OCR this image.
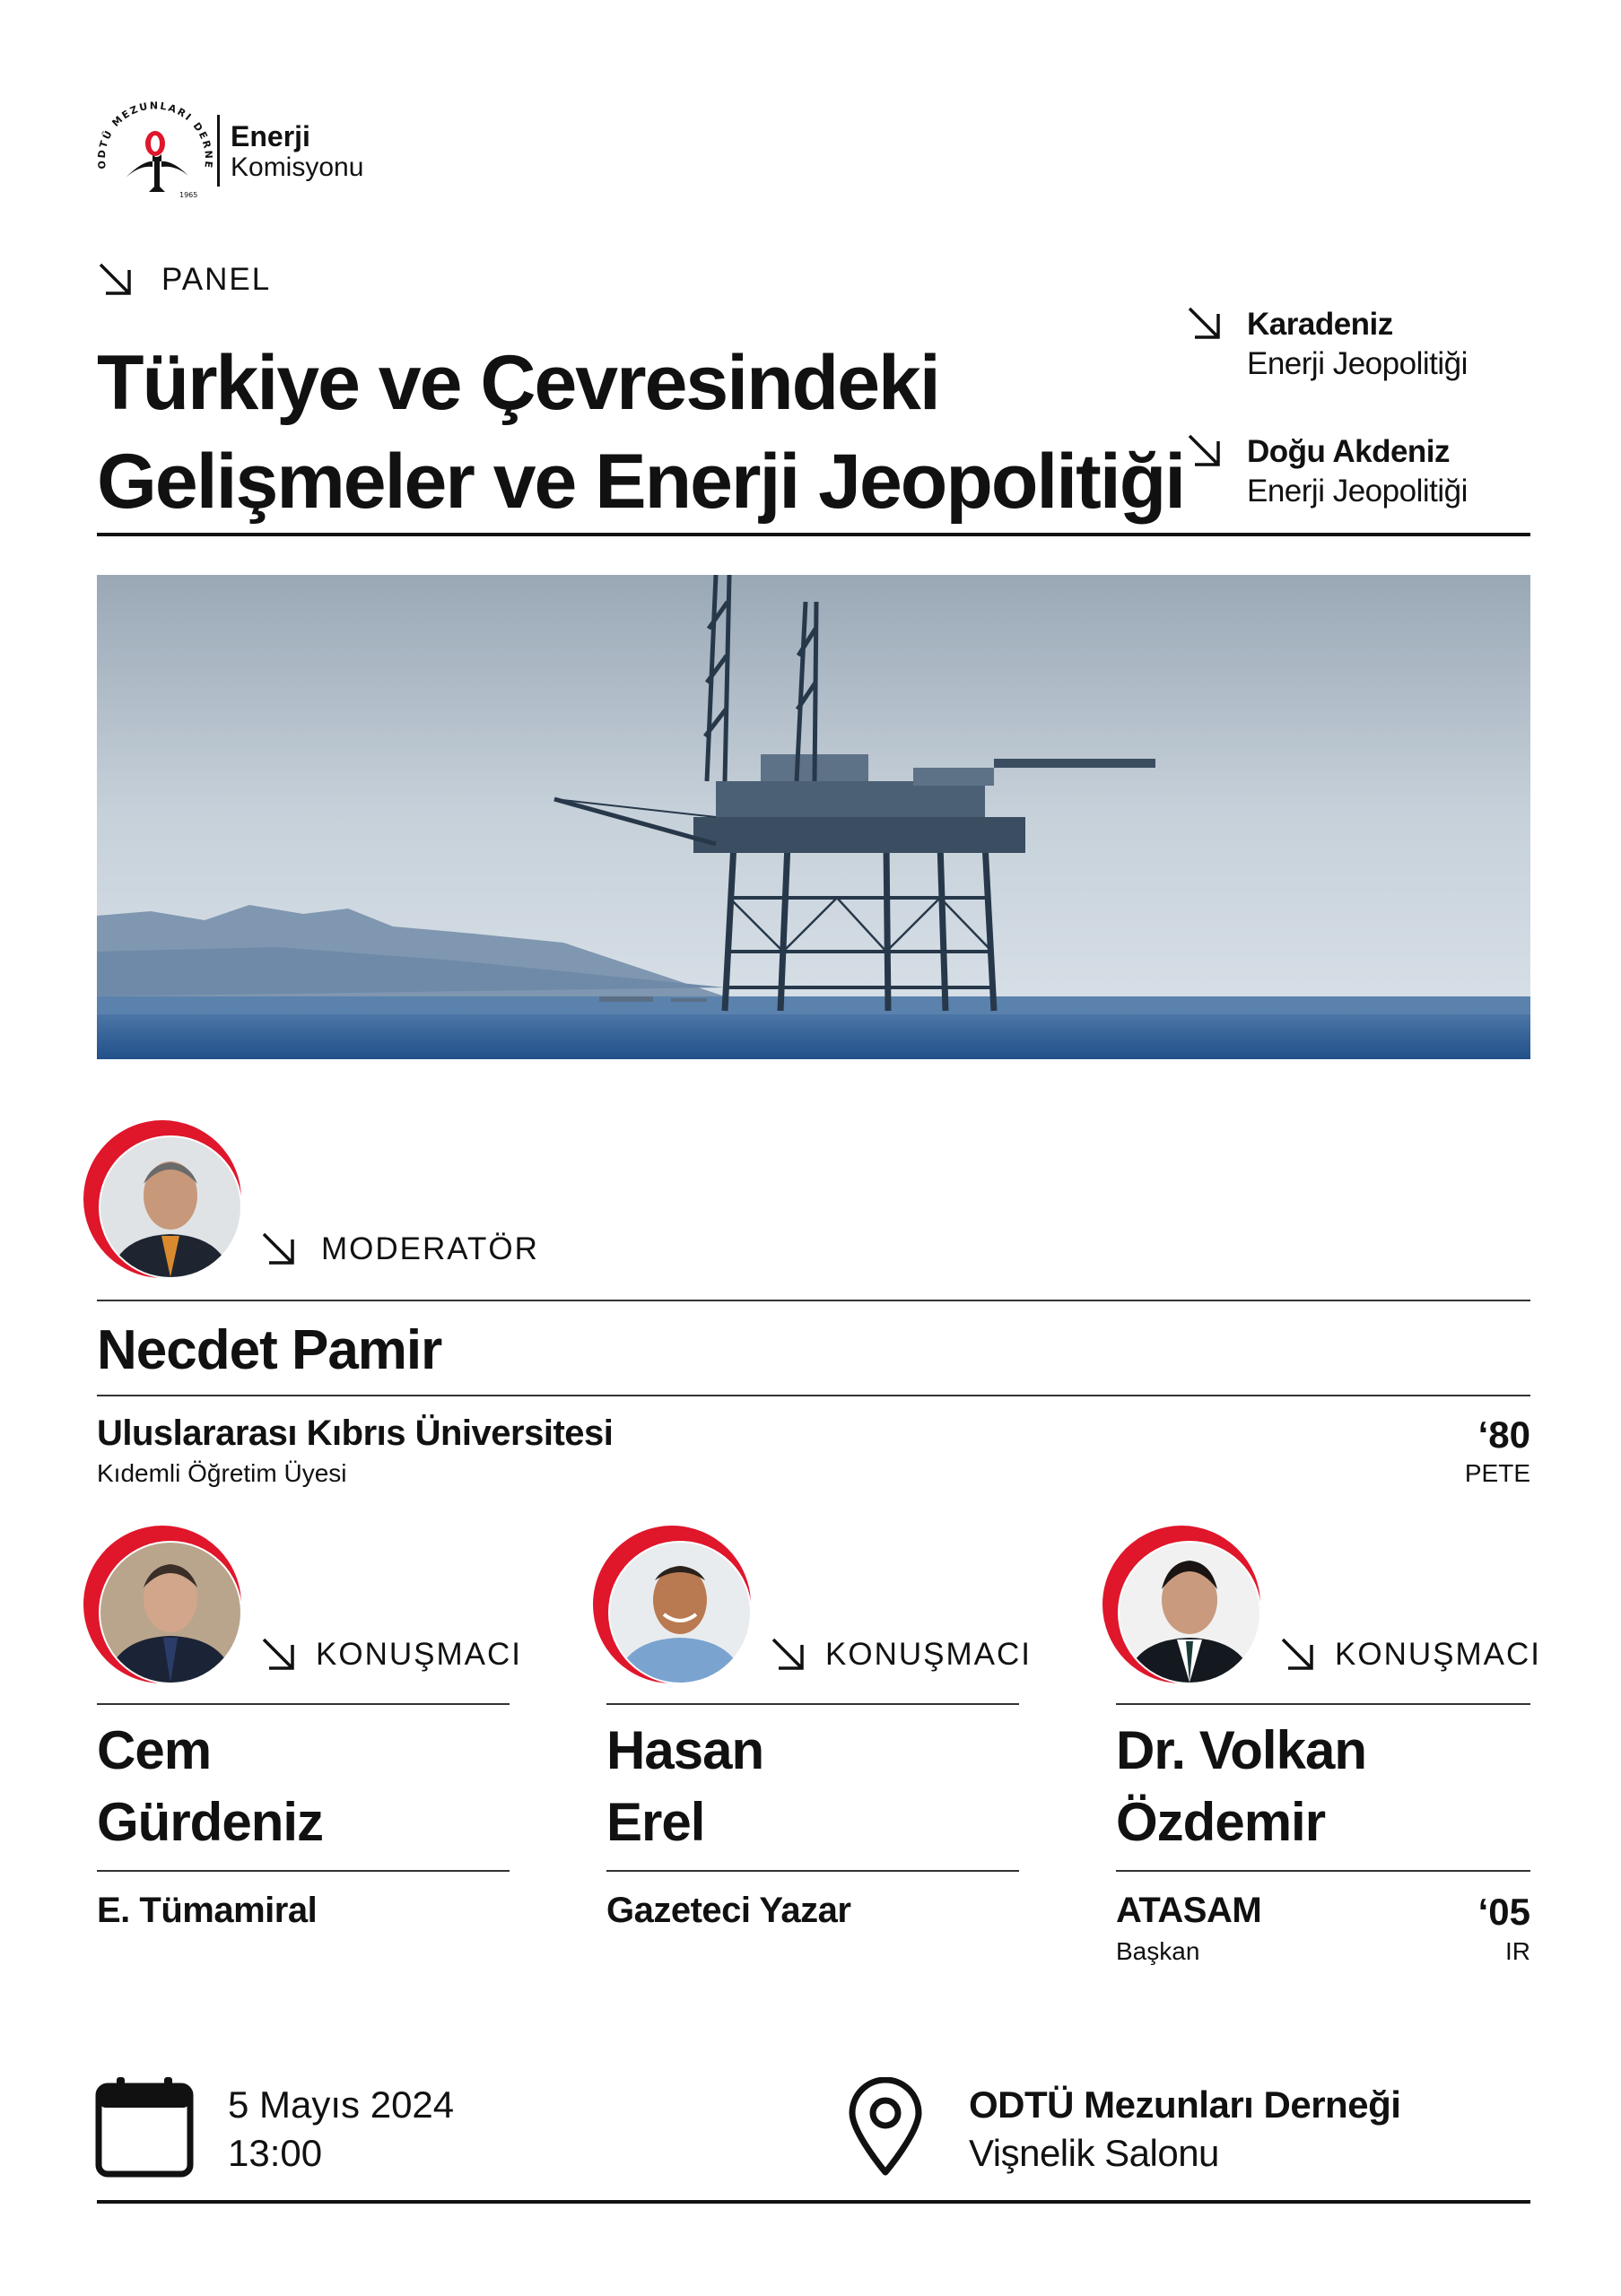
ODTÜ MEZUNLARI DERNE
1965
Enerji
Komisyonu
PANEL
Türkiye ve Çevresindeki
Gelişmeler ve Enerji Jeopolitiği
Karadeniz
Enerji Jeopolitiği
Doğu Akdeniz
Enerji Jeopolitiği
MODERATÖR
Necdet Pamir
Uluslararası Kıbrıs Üniversitesi
Kıdemli Öğretim Üyesi
‘80
PETE
KONUŞMACI
Cem
Gürdeniz
E. Tümamiral
KONUŞMACI
Hasan
Erel
Gazeteci Yazar
KONUŞMACI
Dr. Volkan
Özdemir
ATASAM
Başkan
‘05
IR
5 Mayıs 2024
13:00
ODTÜ Mezunları Derneği
Vişnelik Salonu
